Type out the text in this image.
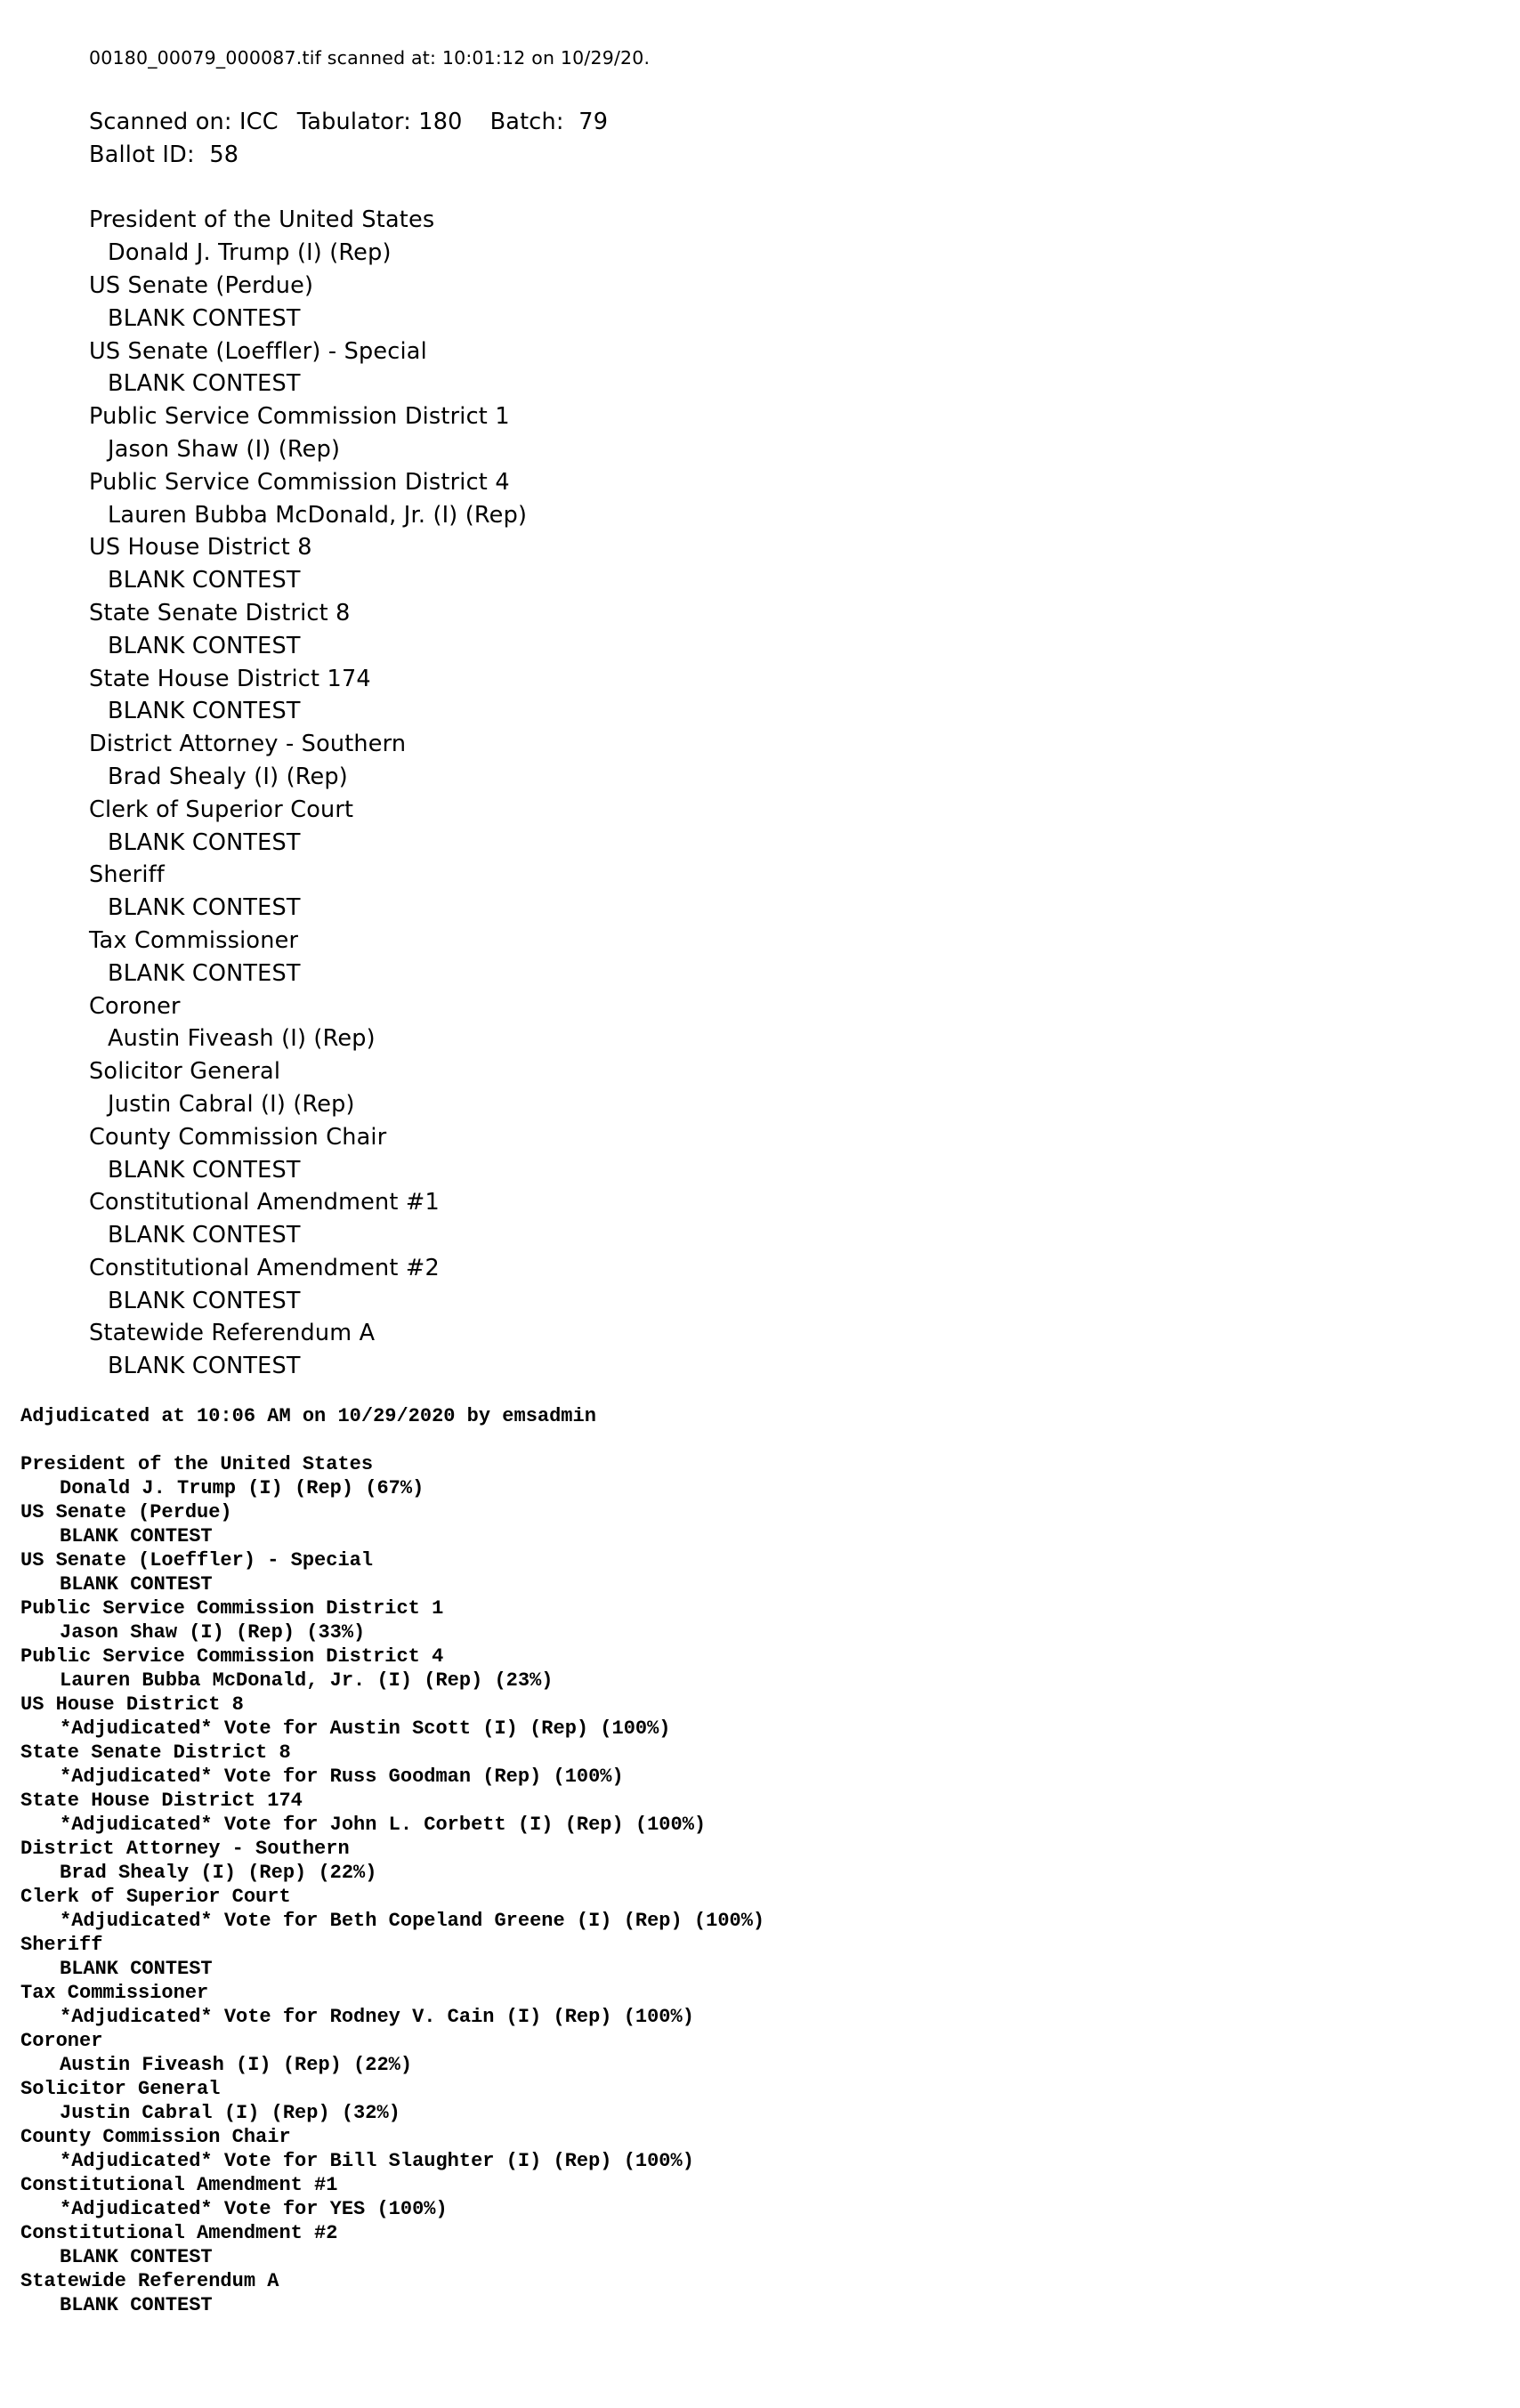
00180_00079_000087.tif scanned at: 10:01:12 on 10/29/20.
Scanned on: ICC Tabulator: 180 Batch:  79
Ballot ID:  58
President of the United States
Donald J. Trump (I) (Rep)
US Senate (Perdue)
BLANK CONTEST
US Senate (Loeffler) - Special
BLANK CONTEST
Public Service Commission District 1
Jason Shaw (I) (Rep)
Public Service Commission District 4
Lauren Bubba McDonald, Jr. (I) (Rep)
US House District 8
BLANK CONTEST
State Senate District 8
BLANK CONTEST
State House District 174
BLANK CONTEST
District Attorney - Southern
Brad Shealy (I) (Rep)
Clerk of Superior Court
BLANK CONTEST
Sheriff
BLANK CONTEST
Tax Commissioner
BLANK CONTEST
Coroner
Austin Fiveash (I) (Rep)
Solicitor General
Justin Cabral (I) (Rep)
County Commission Chair
BLANK CONTEST
Constitutional Amendment #1
BLANK CONTEST
Constitutional Amendment #2
BLANK CONTEST
Statewide Referendum A
BLANK CONTEST
Adjudicated at 10:06 AM on 10/29/2020 by emsadmin
President of the United States
Donald J. Trump (I) (Rep) (67%)
US Senate (Perdue)
BLANK CONTEST
US Senate (Loeffler) - Special
BLANK CONTEST
Public Service Commission District 1
Jason Shaw (I) (Rep) (33%)
Public Service Commission District 4
Lauren Bubba McDonald, Jr. (I) (Rep) (23%)
US House District 8
*Adjudicated* Vote for Austin Scott (I) (Rep) (100%)
State Senate District 8
*Adjudicated* Vote for Russ Goodman (Rep) (100%)
State House District 174
*Adjudicated* Vote for John L. Corbett (I) (Rep) (100%)
District Attorney - Southern
Brad Shealy (I) (Rep) (22%)
Clerk of Superior Court
*Adjudicated* Vote for Beth Copeland Greene (I) (Rep) (100%)
Sheriff
BLANK CONTEST
Tax Commissioner
*Adjudicated* Vote for Rodney V. Cain (I) (Rep) (100%)
Coroner
Austin Fiveash (I) (Rep) (22%)
Solicitor General
Justin Cabral (I) (Rep) (32%)
County Commission Chair
*Adjudicated* Vote for Bill Slaughter (I) (Rep) (100%)
Constitutional Amendment #1
*Adjudicated* Vote for YES (100%)
Constitutional Amendment #2
BLANK CONTEST
Statewide Referendum A
BLANK CONTEST
